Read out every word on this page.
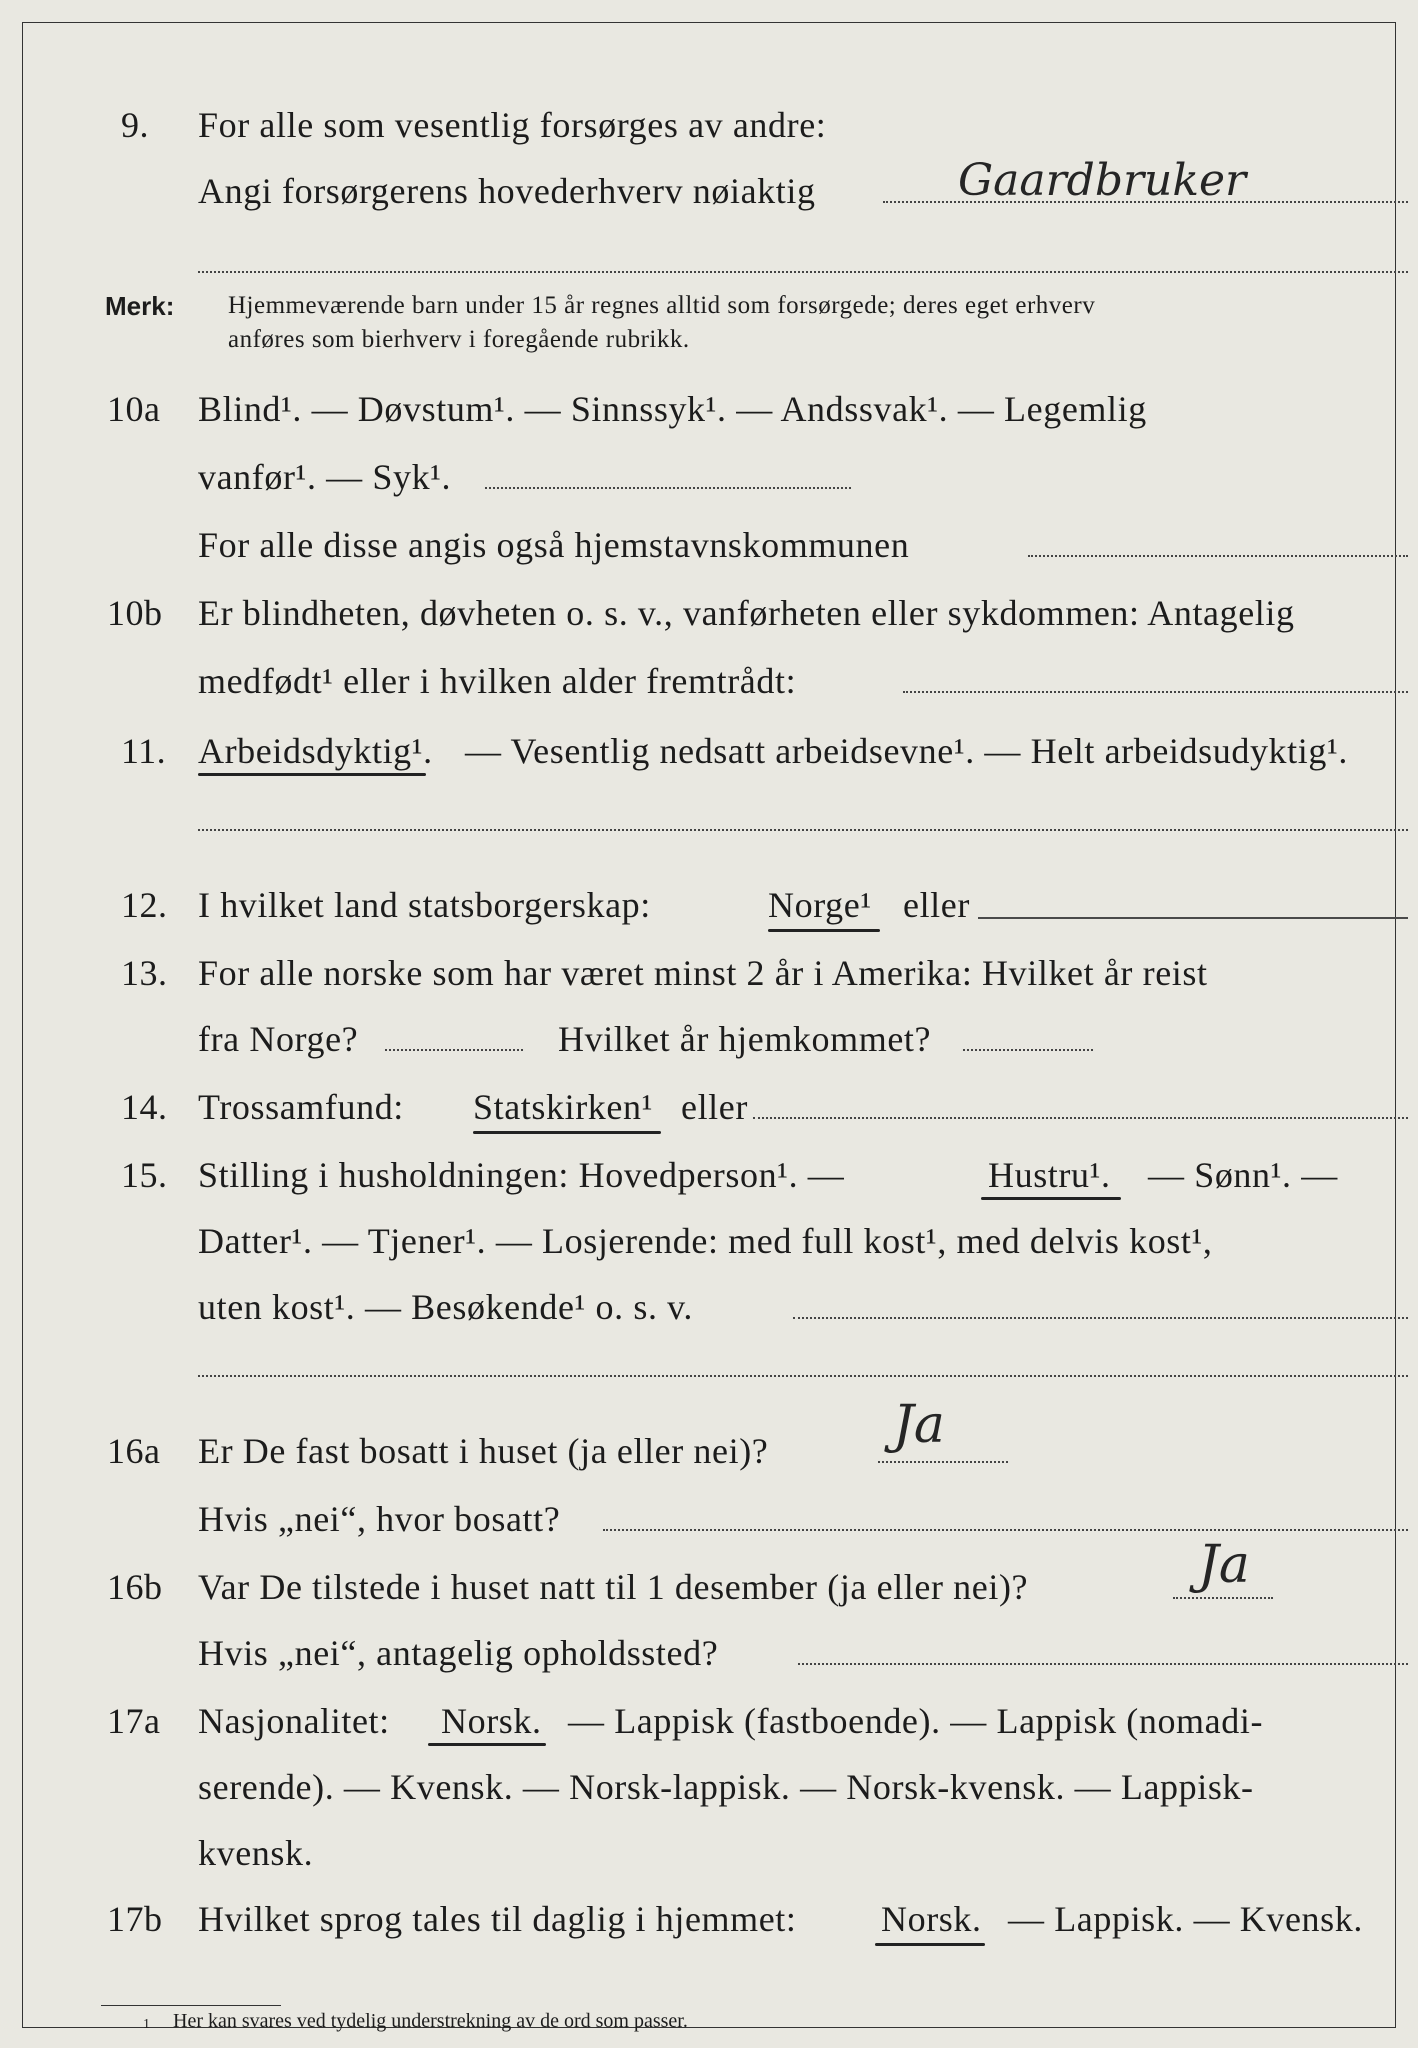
9. For alle som vesentlig forsørges av andre:
Angi forsørgerens hovederhverv nøiaktig	Gaardbruker
Merk: Hjemmeværende barn under 15 år regnes alltid som forsørgede; deres eget erhverv
anføres som bierhverv i foregående rubrikk.
10a Blind¹. — Døvstum¹. — Sinnssyk¹. — Andssvak¹. — Legemlig
vanfør¹. — Syk¹.
For alle disse angis også hjemstavnskommunen
10b Er blindheten, døvheten o. s. v., vanførheten eller sykdommen: Antagelig
medfødt¹ eller i hvilken alder fremtrådt:
11. Arbeidsdyktig¹. — Vesentlig nedsatt arbeidsevne¹. — Helt arbeidsudyktig¹.
12. I hvilket land statsborgerskap:	Norge¹ eller
13. For alle norske som har været minst 2 år i Amerika: Hvilket år reist
fra Norge?	Hvilket år hjemkommet?
14. Trossamfund: Statskirken¹ eller
15. Stilling i husholdningen: Hovedperson¹. —	Hustru¹. — Sønn¹. —
Datter¹. — Tjener¹. — Losjerende: med full kost¹, med delvis kost¹,
uten kost¹. — Besøkende¹ o. s. v.
16a Er De fast bosatt i huset (ja eller nei)? Ja
Hvis „nei“, hvor bosatt?
16b Var De tilstede i huset natt til 1 desember (ja eller nei)?	Ja
Hvis „nei“, antagelig opholdssted?
17a Nasjonalitet: Norsk. — Lappisk (fastboende). — Lappisk (nomadi-
serende). — Kvensk. — Norsk-lappisk. — Norsk-kvensk. — Lappisk-
kvensk.
17b Hvilket sprog tales til daglig i hjemmet: Norsk. — Lappisk. — Kvensk.
1 Her kan svares ved tydelig understrekning av de ord som passer.
